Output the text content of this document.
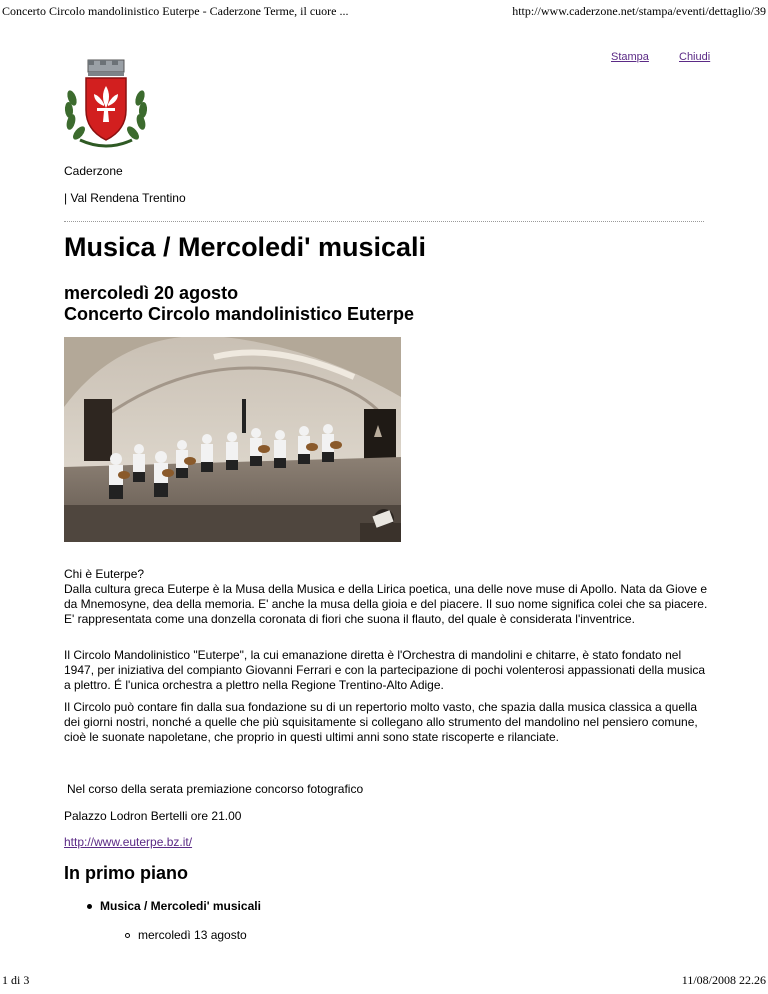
Concerto Circolo mandolinistico Euterpe - Caderzone Terme, il cuore ...	http://www.caderzone.net/stampa/eventi/dettaglio/39
Stampa	Chiudi
Caderzone
| Val Rendena Trentino
Musica / Mercoledi' musicali
mercoledì 20 agosto
Concerto Circolo mandolinistico Euterpe
Chi è Euterpe?

Dalla cultura greca Euterpe è la Musa della Musica e della Lirica poetica, una delle nove muse di Apollo. Nata da Giove e da Mnemosyne, dea della memoria. E' anche la musa della gioia e del piacere. Il suo nome significa colei che sa piacere. E' rappresentata come una donzella coronata di fiori che suona il flauto, del quale è considerata l'inventrice.

Il Circolo Mandolinistico "Euterpe", la cui emanazione diretta è l'Orchestra di mandolini e chitarre, è stato fondato nel 1947, per iniziativa del compianto Giovanni Ferrari e con la partecipazione di pochi volenterosi appassionati della musica a plettro. É l'unica orchestra a plettro nella Regione Trentino-Alto Adige.

Il Circolo può contare fin dalla sua fondazione su di un repertorio molto vasto, che spazia dalla musica classica a quella dei giorni nostri, nonché a quelle che più squisitamente si collegano allo strumento del mandolino nel pensiero comune, cioè le suonate napoletane, che proprio in questi ultimi anni sono state riscoperte e rilanciate.

Nel corso della serata premiazione concorso fotografico
Palazzo Lodron Bertelli ore 21.00
http://www.euterpe.bz.it/
In primo piano
Musica / Mercoledi' musicali
mercoledì 13 agosto
1 di 3	11/08/2008 22.26
